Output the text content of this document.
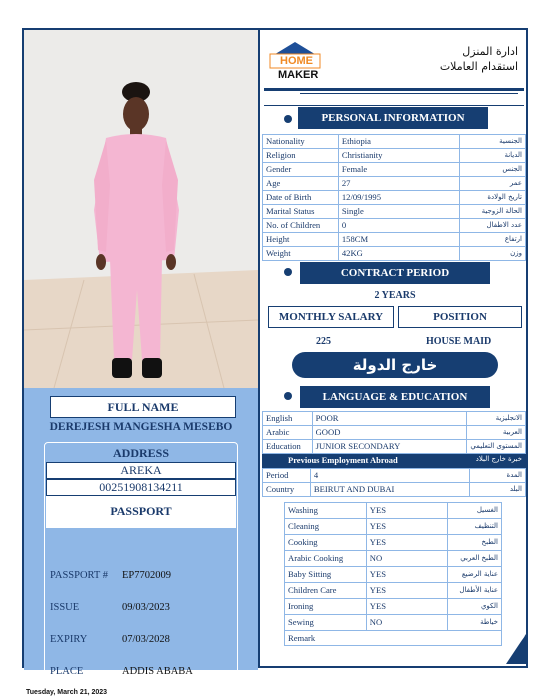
FULL NAME
DEREJESH MANGESHA MESEBO
ADDRESS
AREKA
00251908134211
PASSPORT
PASSPORT # EP7702009
ISSUE	09/03/2023
EXPIRY	07/03/2028
PLACE	ADDIS ABABA
HOME
MAKER
ادارة المنزل
استقدام العاملات
PERSONAL INFORMATION
Nationality	Ethiopia	الجنسية
Religion	Christianity	الديانة
Gender	Female	الجنس
Age	27	عمر
Date of Birth	12/09/1995	تاريخ الولادة
Marital Status	Single	الحالة الزوجية
No. of Children	0	عدد الاطفال
Height	158CM	ارتفاع
Weight	42KG	وزن
CONTRACT PERIOD
2 YEARS
MONTHLY SALARY	POSITION
225	HOUSE MAID
خارج الدولة
LANGUAGE & EDUCATION
English	POOR	الانجليزية
Arabic	GOOD	العربية
Education	JUNIOR SECONDARY	المستوى التعليمي
Previous Employment Abroad	خبرة خارج البلاد
Period	4	المدة
Country	BEIRUT AND DUBAI	البلد
Washing	YES	الغسيل
Cleaning	YES	التنظيف
Cooking	YES	الطبخ
Arabic Cooking	NO	الطبخ العربي
Baby Sitting	YES	عناية الرضيع
Children Care	YES	عناية الأطفال
Ironing	YES	الكوي
Sewing	NO	خياطة
Remark		
Tuesday, March 21, 2023
